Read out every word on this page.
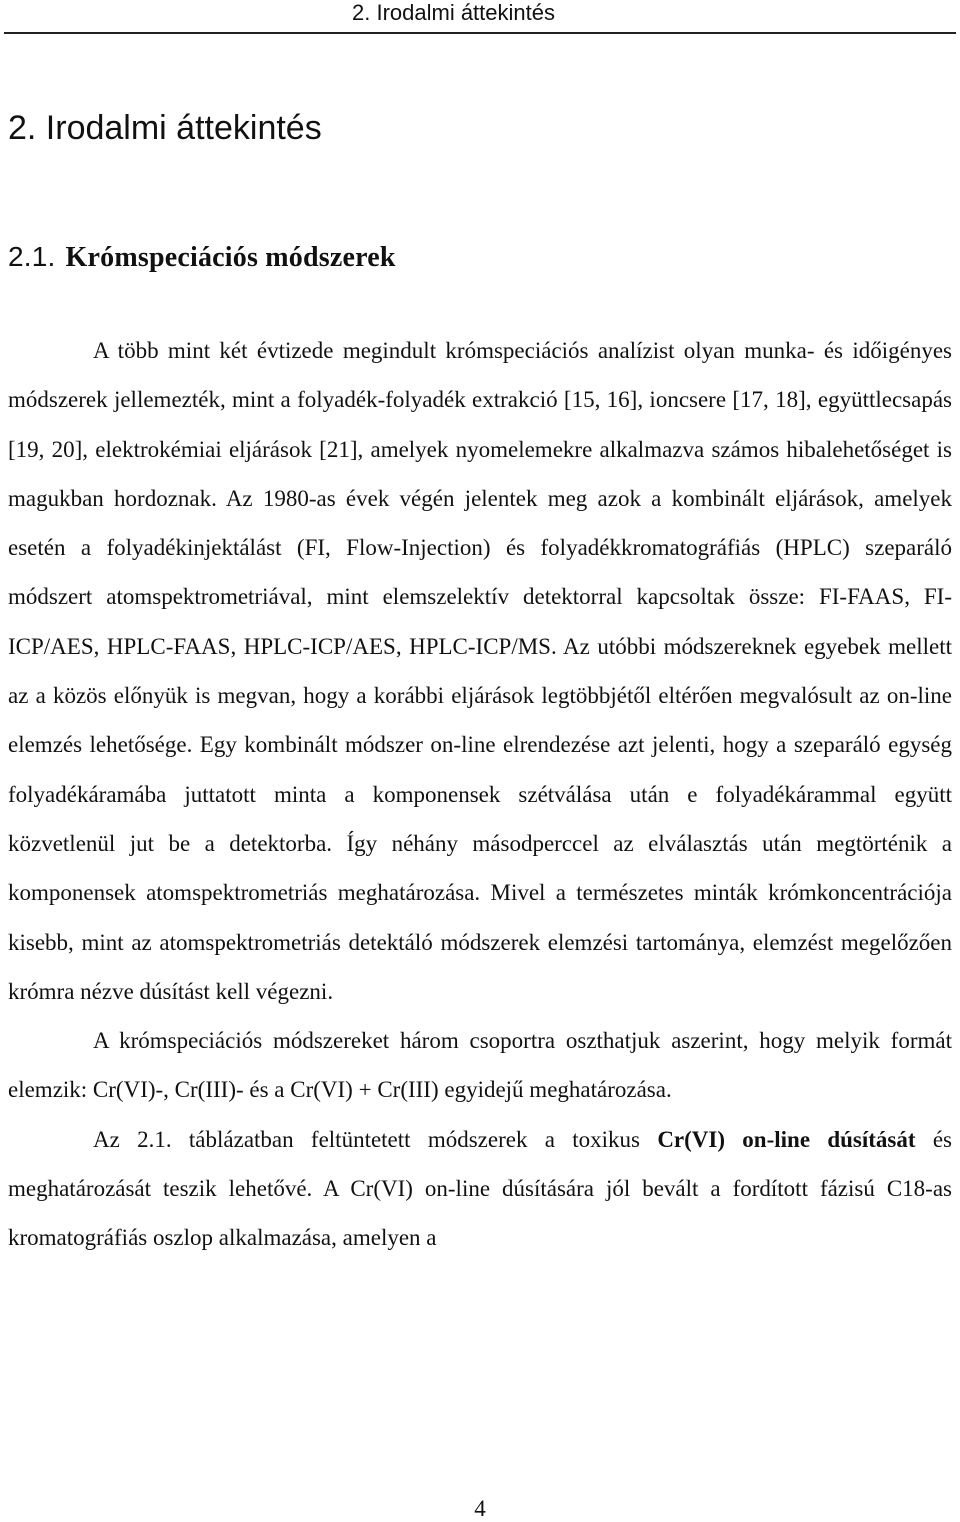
2. Irodalmi áttekintés
2. Irodalmi áttekintés
2.1. Krómspeciációs módszerek

A több mint két évtizede megindult krómspeciációs analízist olyan munka- és időigényes módszerek jellemezték, mint a folyadék-folyadék extrakció [15, 16], ioncsere [17, 18], együttlecsapás [19, 20], elektrokémiai eljárások [21], amelyek nyomelemekre alkalmazva számos hibalehetőséget is magukban hordoznak. Az 1980-as évek végén jelentek meg azok a kombinált eljárások, amelyek esetén a folyadékinjektálást (FI, Flow-Injection) és folyadékkromatográfiás (HPLC) szeparáló módszert atomspektrometriával, mint elemszelektív detektorral kapcsoltak össze: FI-FAAS, FI-ICP/AES, HPLC-FAAS, HPLC-ICP/AES, HPLC-ICP/MS. Az utóbbi módszereknek egyebek mellett az a közös előnyük is megvan, hogy a korábbi eljárások legtöbbjétől eltérően megvalósult az on-line elemzés lehetősége. Egy kombinált módszer on-line elrendezése azt jelenti, hogy a szeparáló egység folyadékáramába juttatott minta a komponensek szétválása után e folyadékárammal együtt közvetlenül jut be a detektorba. Így néhány másodperccel az elválasztás után megtörténik a komponensek atomspektrometriás meghatározása. Mivel a természetes minták krómkoncentrációja kisebb, mint az atomspektrometriás detektáló módszerek elemzési tartománya, elemzést megelőzően krómra nézve dúsítást kell végezni.

A krómspeciációs módszereket három csoportra oszthatjuk aszerint, hogy melyik formát elemzik: Cr(VI)-, Cr(III)- és a Cr(VI) + Cr(III) egyidejű meghatározása.

Az 2.1. táblázatban feltüntetett módszerek a toxikus Cr(VI) on-line dúsítását és meghatározását teszik lehetővé. A Cr(VI) on-line dúsítására jól bevált a fordított fázisú C18-as kromatográfiás oszlop alkalmazása, amelyen a

4
